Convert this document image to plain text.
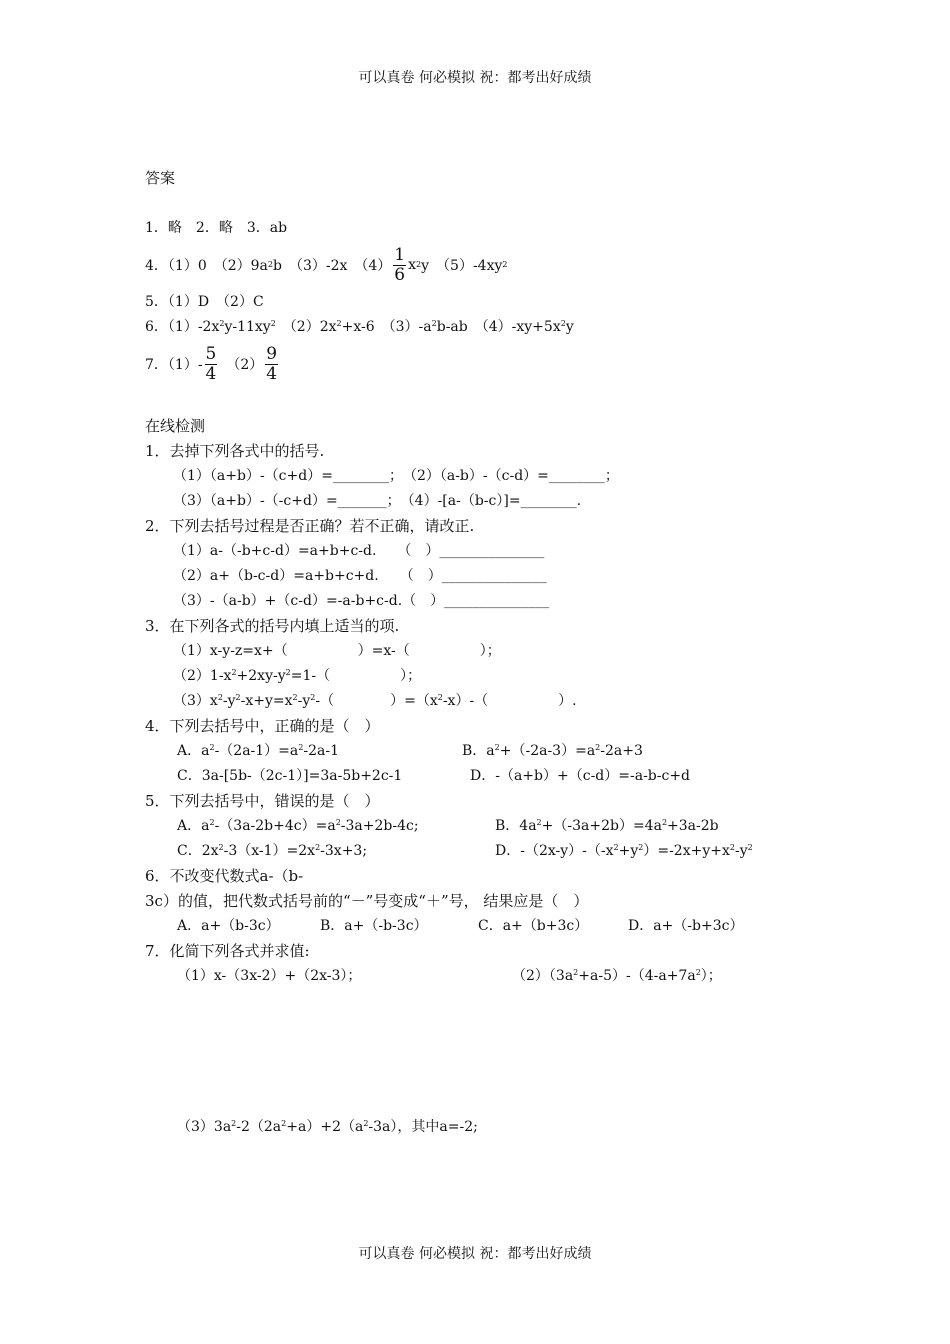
可以真卷 何必模拟 祝：都考出好成绩
答案
1．略　2．略　3．ab
4．（1）0　（2）9a 2 b　（3）-2x　$(4) \frac{1}{6}$ x 2 y　（5）-4xy 2
5．（1）D　（2）C
6．$(1)-2x^2y-11xy^2$　$(2)2x^2+x-6$　$(3)-a^2b-ab$　$(4)-xy+5x^2y$
7．$(1)- \frac{5}{4}$ 　$(2) \frac{9}{4}$
在线检测
1．去掉下列各式中的括号.
（1）（a+b）-（c+d）=________；　（2）（a-b）-（c-d）=________；
（3）（a+b）-（-c+d）=_______；　（4）-[a-（b-c）]=________.
2．下列去括号过程是否正确？若不正确，请改正.
（1）a-（-b+c-d）=a+b+c-d.　　（　）_______________
（2）a+（b-c-d）=a+b+c+d.　　（　）_______________
（3）-（a-b）+（c-d）=-a-b+c-d.（　）_______________
3．在下列各式的括号内填上适当的项.
（1）x-y-z=x+（　　　　　）=x-（　　　　　）；
$(2)1-x^2+2xy-y^2=1-$（　　　　　）；
$(3)x^2-y^2-x+y=x^2-y^2-$（　　　　）$=(x^2-x)-$（　　　　　）.
4．下列去括号中，正确的是（　）
A．$a^2-(2a-1)=a^2-2a-1$	B．$a^2+(-2a-3)=a^2-2a+3$
C．3a-[5b-（2c-1）]=3a-5b+2c-1	D．-（a+b）+（c-d）=-a-b-c+d
5．下列去括号中，错误的是（　）
A．$a^2-(3a-2b+4c)=a^2-3a+2b-4c$;	B．$4a^2+(-3a+2b)=4a^2+3a-2b$
C．$2x^2-3(x-1)=2x^2-3x+3$;	D．$-(2x-y)-(-x^2+y^2)=-2x+y+x^2-y^2$
6．不改变代数式a-（b-
3c）的值，把代数式括号前的“－”号变成“＋”号， 结果应是（　）
A．a+（b-3c）	B．a+（-b-3c）	C．a+（b+3c）	D．a+（-b+3c）
7．化简下列各式并求值:
（1）x-（3x-2）+（2x-3）；	$(2)(3a^2+a-5)-(4-a+7a^2)$；
$(3)3a^2-2(2a^2+a)+2(a^2-3a)$，其中a=-2;
可以真卷 何必模拟 祝：都考出好成绩
